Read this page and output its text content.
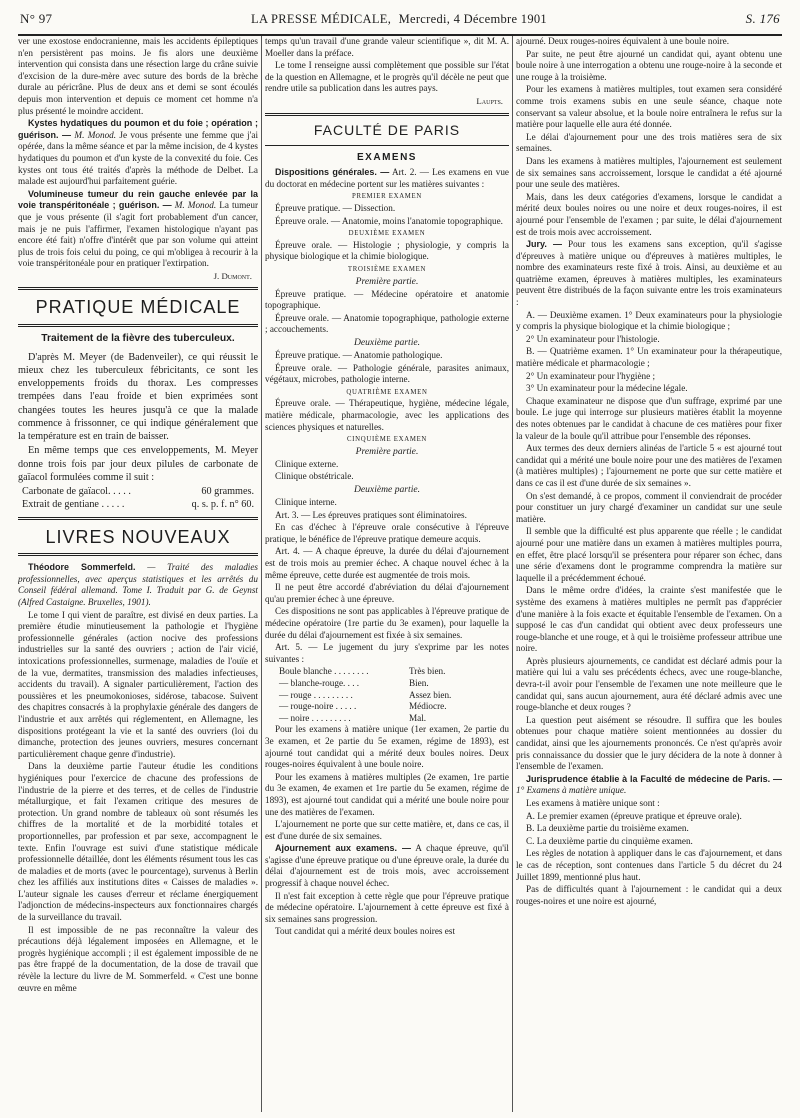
N° 97	LA PRESSE MÉDICALE, Mercredi, 4 Décembre 1901	S. 176

ver une exostose endocranienne, mais les accidents épileptiques n'en persistèrent pas moins. Je fis alors une deuxième intervention qui consista dans une résection large du crâne suivie d'excision de la dure-mère avec suture des bords de la brèche durale au péricrâne. Plus de deux ans et demi se sont écoulés depuis mon intervention et depuis ce moment cet homme n'a plus présenté le moindre accident.

Kystes hydatiques du poumon et du foie ; opération ; guérison. — M. Monod. Je vous présente une femme que j'ai opérée, dans la même séance et par la même incision, de 4 kystes hydatiques du poumon et d'un kyste de la convexité du foie. Ces kystes ont tous été traités d'après la méthode de Delbet. La malade est aujourd'hui parfaitement guérie.

Volumineuse tumeur du rein gauche enlevée par la voie transpéritonéale ; guérison. — M. Monod. La tumeur que je vous présente (il s'agit fort probablement d'un cancer, mais je ne puis l'affirmer, l'examen histologique n'ayant pas encore été fait) n'offre d'intérêt que par son volume qui atteint plus de trois fois celui du poing, ce qui m'obligea à recourir à la voie transpéritonéale pour en pratiquer l'extirpation.

J. Dumont.
PRATIQUE MÉDICALE
Traitement de la fièvre des tuberculeux.

D'après M. Meyer (de Badenveiler), ce qui réussit le mieux chez les tuberculeux fébricitants, ce sont les enveloppements froids du thorax. Les compresses trempées dans l'eau froide et bien exprimées sont changées toutes les heures jusqu'à ce que la malade commence à frissonner, ce qui indique généralement que la température est en train de baisser.

En même temps que ces enveloppements, M. Meyer donne trois fois par jour deux pilules de carbonate de gaïacol formulées comme il suit :

Carbonate de gaïacol. . . . .	60 grammes.
Extrait de gentiane . . . . .	q. s. p. f. n° 60.
LIVRES NOUVEAUX

Théodore Sommerfeld. — Traité des maladies professionnelles, avec aperçus statistiques et les arrêtés du Conseil fédéral allemand. Tome I. Traduit par G. de Geynst (Alfred Castaigne. Bruxelles, 1901).

Le tome I qui vient de paraître, est divisé en deux parties. La première étudie minutieusement la pathologie et l'hygiène professionnelle générales (action nocive des professions industrielles sur la santé des ouvriers ; action de l'air vicié, intoxications professionnelles, surmenage, maladies de l'ouïe et de la vue, dermatites, transmission des maladies infectieuses, accidents du travail). A signaler particulièrement, l'action des poussières et les pneumokonioses, sidérose, tabacose. Suivent des chapitres consacrés à la prophylaxie générale des dangers de l'industrie et aux arrêtés qui réglementent, en Allemagne, les dispositions protégeant la vie et la santé des ouvriers (loi du dimanche, protection des jeunes ouvriers, mesures concernant particulièrement chaque genre d'industrie).

Dans la deuxième partie l'auteur étudie les conditions hygiéniques pour l'exercice de chacune des professions de l'industrie de la pierre et des terres, et de celles de l'industrie métallurgique, et fait l'examen critique des mesures de protection. Un grand nombre de tableaux où sont résumés les chiffres de la mortalité et de la morbidité totales et proportionnelles, par profession et par sexe, accompagnent le texte. Enfin l'ouvrage est suivi d'une statistique médicale professionnelle détaillée, dont les éléments résument tous les cas de maladies et de morts (avec le pourcentage), survenus à Berlin chez les affiliés aux institutions dites « Caisses de maladies ». L'auteur signale les causes d'erreur et réclame énergiquement l'adjonction de médecins-inspecteurs aux fonctionnaires chargés de la surveillance du travail.

Il est impossible de ne pas reconnaître la valeur des précautions déjà légalement imposées en Allemagne, et le progrès hygiénique accompli ; il est également impossible de ne pas être frappé de la documentation, de la dose de travail que révèle la lecture du livre de M. Sommerfeld. « C'est une bonne œuvre en même

temps qu'un travail d'une grande valeur scientifique », dit M. A. Moeller dans la préface.

Le tome I renseigne aussi complètement que possible sur l'état de la question en Allemagne, et le progrès qu'il décèle ne peut que rendre utile sa publication dans les autres pays.

Laupts.
FACULTÉ DE PARIS
EXAMENS

Dispositions générales. — Art. 2. — Les examens en vue du doctorat en médecine portent sur les matières suivantes :

PREMIER EXAMEN

Épreuve pratique. — Dissection.

Épreuve orale. — Anatomie, moins l'anatomie topographique.

DEUXIÈME EXAMEN

Épreuve orale. — Histologie ; physiologie, y compris la physique biologique et la chimie biologique.

TROISIÈME EXAMEN
Première partie.

Épreuve pratique. — Médecine opératoire et anatomie topographique.

Épreuve orale. — Anatomie topographique, pathologie externe ; accouchements.

Deuxième partie.

Épreuve pratique. — Anatomie pathologique.

Épreuve orale. — Pathologie générale, parasites animaux, végétaux, microbes, pathologie interne.

QUATRIÈME EXAMEN

Épreuve orale. — Thérapeutique, hygiène, médecine légale, matière médicale, pharmacologie, avec les applications des sciences physiques et naturelles.

CINQUIÈME EXAMEN
Première partie.

Clinique externe.

Clinique obstétricale.

Deuxième partie.

Clinique interne.

Art. 3. — Les épreuves pratiques sont éliminatoires.

En cas d'échec à l'épreuve orale consécutive à l'épreuve pratique, le bénéfice de l'épreuve pratique demeure acquis.

Art. 4. — A chaque épreuve, la durée du délai d'ajournement est de trois mois au premier échec. A chaque nouvel échec à la même épreuve, cette durée est augmentée de trois mois.

Il ne peut être accordé d'abréviation du délai d'ajournement qu'au premier échec à une épreuve.

Ces dispositions ne sont pas applicables à l'épreuve pratique de médecine opératoire (1re partie du 3e examen), pour laquelle la durée du délai d'ajournement est fixée à six semaines.

Art. 5. — Le jugement du jury s'exprime par les notes suivantes :

Boule blanche . . . . . . . .	Très bien.
— blanche-rouge. . . .	Bien.
— rouge . . . . . . . . .	Assez bien.
— rouge-noire . . . . .	Médiocre.
— noire . . . . . . . . .	Mal.

Pour les examens à matière unique (1er examen, 2e partie du 3e examen, et 2e partie du 5e examen, régime de 1893), est ajourné tout candidat qui a mérité deux boules noires. Deux rouges-noires équivalent à une boule noire.

Pour les examens à matières multiples (2e examen, 1re partie du 3e examen, 4e examen et 1re partie du 5e examen, régime de 1893), est ajourné tout candidat qui a mérité une boule noire pour une des matières de l'examen.

L'ajournement ne porte que sur cette matière, et, dans ce cas, il est d'une durée de six semaines.

Ajournement aux examens. — A chaque épreuve, qu'il s'agisse d'une épreuve pratique ou d'une épreuve orale, la durée du délai d'ajournement est de trois mois, avec accroissement progressif à chaque nouvel échec.

Il n'est fait exception à cette règle que pour l'épreuve pratique de médecine opératoire. L'ajournement à cette épreuve est fixé à six semaines sans progression.

Tout candidat qui a mérité deux boules noires est

ajourné. Deux rouges-noires équivalent à une boule noire.

Par suite, ne peut être ajourné un candidat qui, ayant obtenu une boule noire à une interrogation a obtenu une rouge-noire à la seconde et une rouge à la troisième.

Pour les examens à matières multiples, tout examen sera considéré comme trois examens subis en une seule séance, chaque note conservant sa valeur absolue, et la boule noire entraînera le refus sur la matière pour laquelle elle aura été donnée.

Le délai d'ajournement pour une des trois matières sera de six semaines.

Dans les examens à matières multiples, l'ajournement est seulement de six semaines sans accroissement, lorsque le candidat a été ajourné pour une seule des matières.

Mais, dans les deux catégories d'examens, lorsque le candidat a mérité deux boules noires ou une noire et deux rouges-noires, il est ajourné pour l'ensemble de l'examen ; par suite, le délai d'ajournement est de trois mois avec accroissement.

Jury. — Pour tous les examens sans exception, qu'il s'agisse d'épreuves à matière unique ou d'épreuves à matières multiples, le nombre des examinateurs reste fixé à trois. Ainsi, au deuxième et au quatrième examen, épreuves à matières multiples, les examinateurs peuvent être distribués de la façon suivante entre les trois examinateurs :

A. — Deuxième examen. 1° Deux examinateurs pour la physiologie y compris la physique biologique et la chimie biologique ;

2° Un examinateur pour l'histologie.

B. — Quatrième examen. 1° Un examinateur pour la thérapeutique, matière médicale et pharmacologie ;

2° Un examinateur pour l'hygiène ;

3° Un examinateur pour la médecine légale.

Chaque examinateur ne dispose que d'un suffrage, exprimé par une boule. Le juge qui interroge sur plusieurs matières établit la moyenne des notes obtenues par le candidat à chacune de ces matières pour fixer la valeur de la boule qu'il attribue pour l'ensemble des réponses.

Aux termes des deux derniers alinéas de l'article 5 « est ajourné tout candidat qui a mérité une boule noire pour une des matières de l'examen (à matières multiples) ; l'ajournement ne porte que sur cette matière et dans ce cas il est d'une durée de six semaines ».

On s'est demandé, à ce propos, comment il conviendrait de procéder pour constituer un jury chargé d'examiner un candidat sur une seule matière.

Il semble que la difficulté est plus apparente que réelle ; le candidat ajourné pour une matière dans un examen à matières multiples pourra, en effet, être placé lorsqu'il se présentera pour réparer son échec, dans une série d'examens dont le programme comprendra la matière sur laquelle il a précédemment échoué.

Dans le même ordre d'idées, la crainte s'est manifestée que le système des examens à matières multiples ne permît pas d'apprécier d'une manière à la fois exacte et équitable l'ensemble de l'examen. On a supposé le cas d'un candidat qui obtient avec deux professeurs une rouge-blanche et une rouge, et à qui le troisième professeur attribue une noire.

Après plusieurs ajournements, ce candidat est déclaré admis pour la matière qui lui a valu ses précédents échecs, avec une rouge-blanche, devra-t-il avoir pour l'ensemble de l'examen une note meilleure que le candidat qui, sans aucun ajournement, aura été déclaré admis avec une rouge-blanche et deux rouges ?

La question peut aisément se résoudre. Il suffira que les boules obtenues pour chaque matière soient mentionnées au dossier du candidat, ainsi que les ajournements prononcés. Ce n'est qu'après avoir pris connaissance du dossier que le jury décidera de la note à donner à l'ensemble de l'examen.

Jurisprudence établie à la Faculté de médecine de Paris. — 1° Examens à matière unique.

Les examens à matière unique sont :

A. Le premier examen (épreuve pratique et épreuve orale).

B. La deuxième partie du troisième examen.

C. La deuxième partie du cinquième examen.

Les règles de notation à appliquer dans le cas d'ajournement, et dans le cas de réception, sont contenues dans l'article 5 du décret du 24 Juillet 1899, mentionné plus haut.

Pas de difficultés quant à l'ajournement : le candidat qui a deux rouges-noires et une noire est ajourné,
